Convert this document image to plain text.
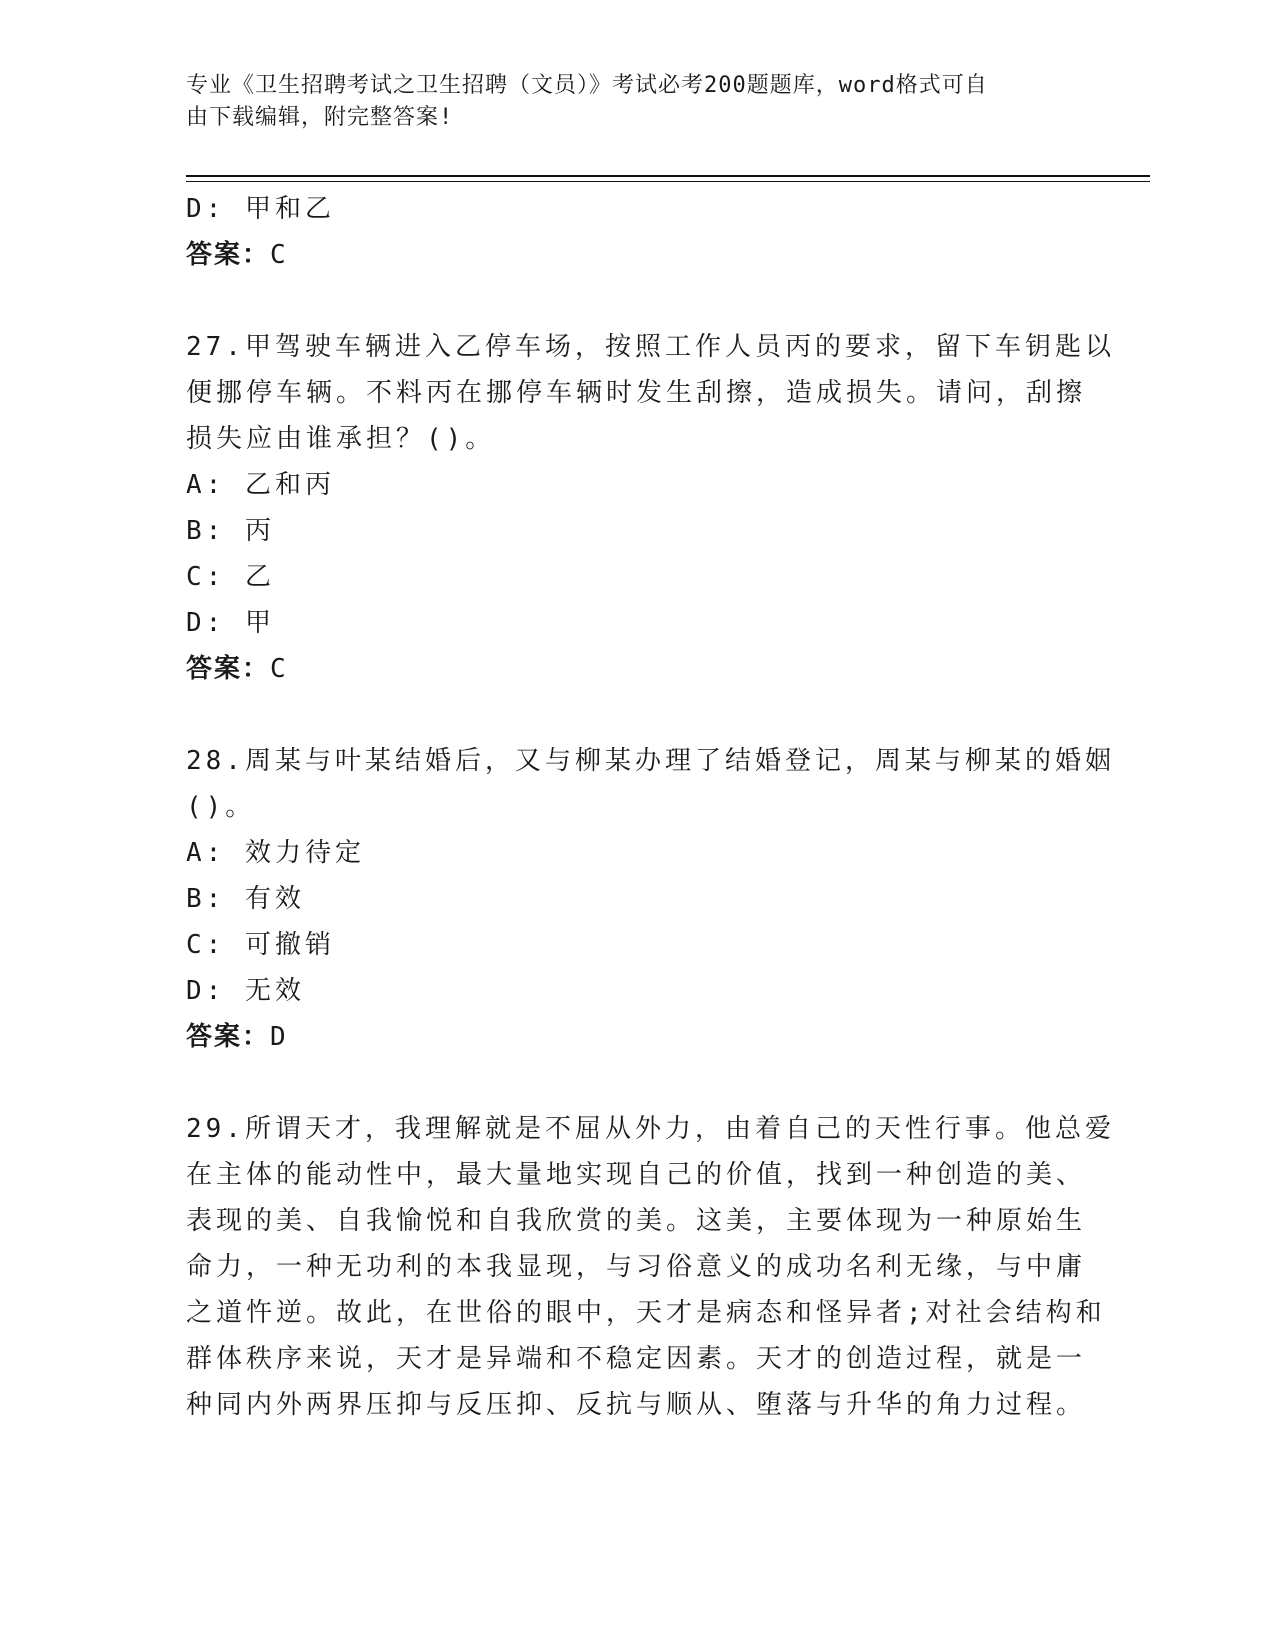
专业《卫生招聘考试之卫生招聘（文员）》考试必考200题题库，word格式可自
由下载编辑，附完整答案!
D: 甲和乙
答案：C
27.甲驾驶车辆进入乙停车场，按照工作人员丙的要求，留下车钥匙以
便挪停车辆。不料丙在挪停车辆时发生刮擦，造成损失。请问，刮擦
损失应由谁承担？()。
A: 乙和丙
B: 丙
C: 乙
D: 甲
答案：C
28.周某与叶某结婚后，又与柳某办理了结婚登记，周某与柳某的婚姻
()。
A: 效力待定
B: 有效
C: 可撤销
D: 无效
答案：D
29.所谓天才，我理解就是不屈从外力，由着自己的天性行事。他总爱
在主体的能动性中，最大量地实现自己的价值，找到一种创造的美、
表现的美、自我愉悦和自我欣赏的美。这美，主要体现为一种原始生
命力，一种无功利的本我显现，与习俗意义的成功名利无缘，与中庸
之道忤逆。故此，在世俗的眼中，天才是病态和怪异者;对社会结构和
群体秩序来说，天才是异端和不稳定因素。天才的创造过程，就是一
种同内外两界压抑与反压抑、反抗与顺从、堕落与升华的角力过程。
